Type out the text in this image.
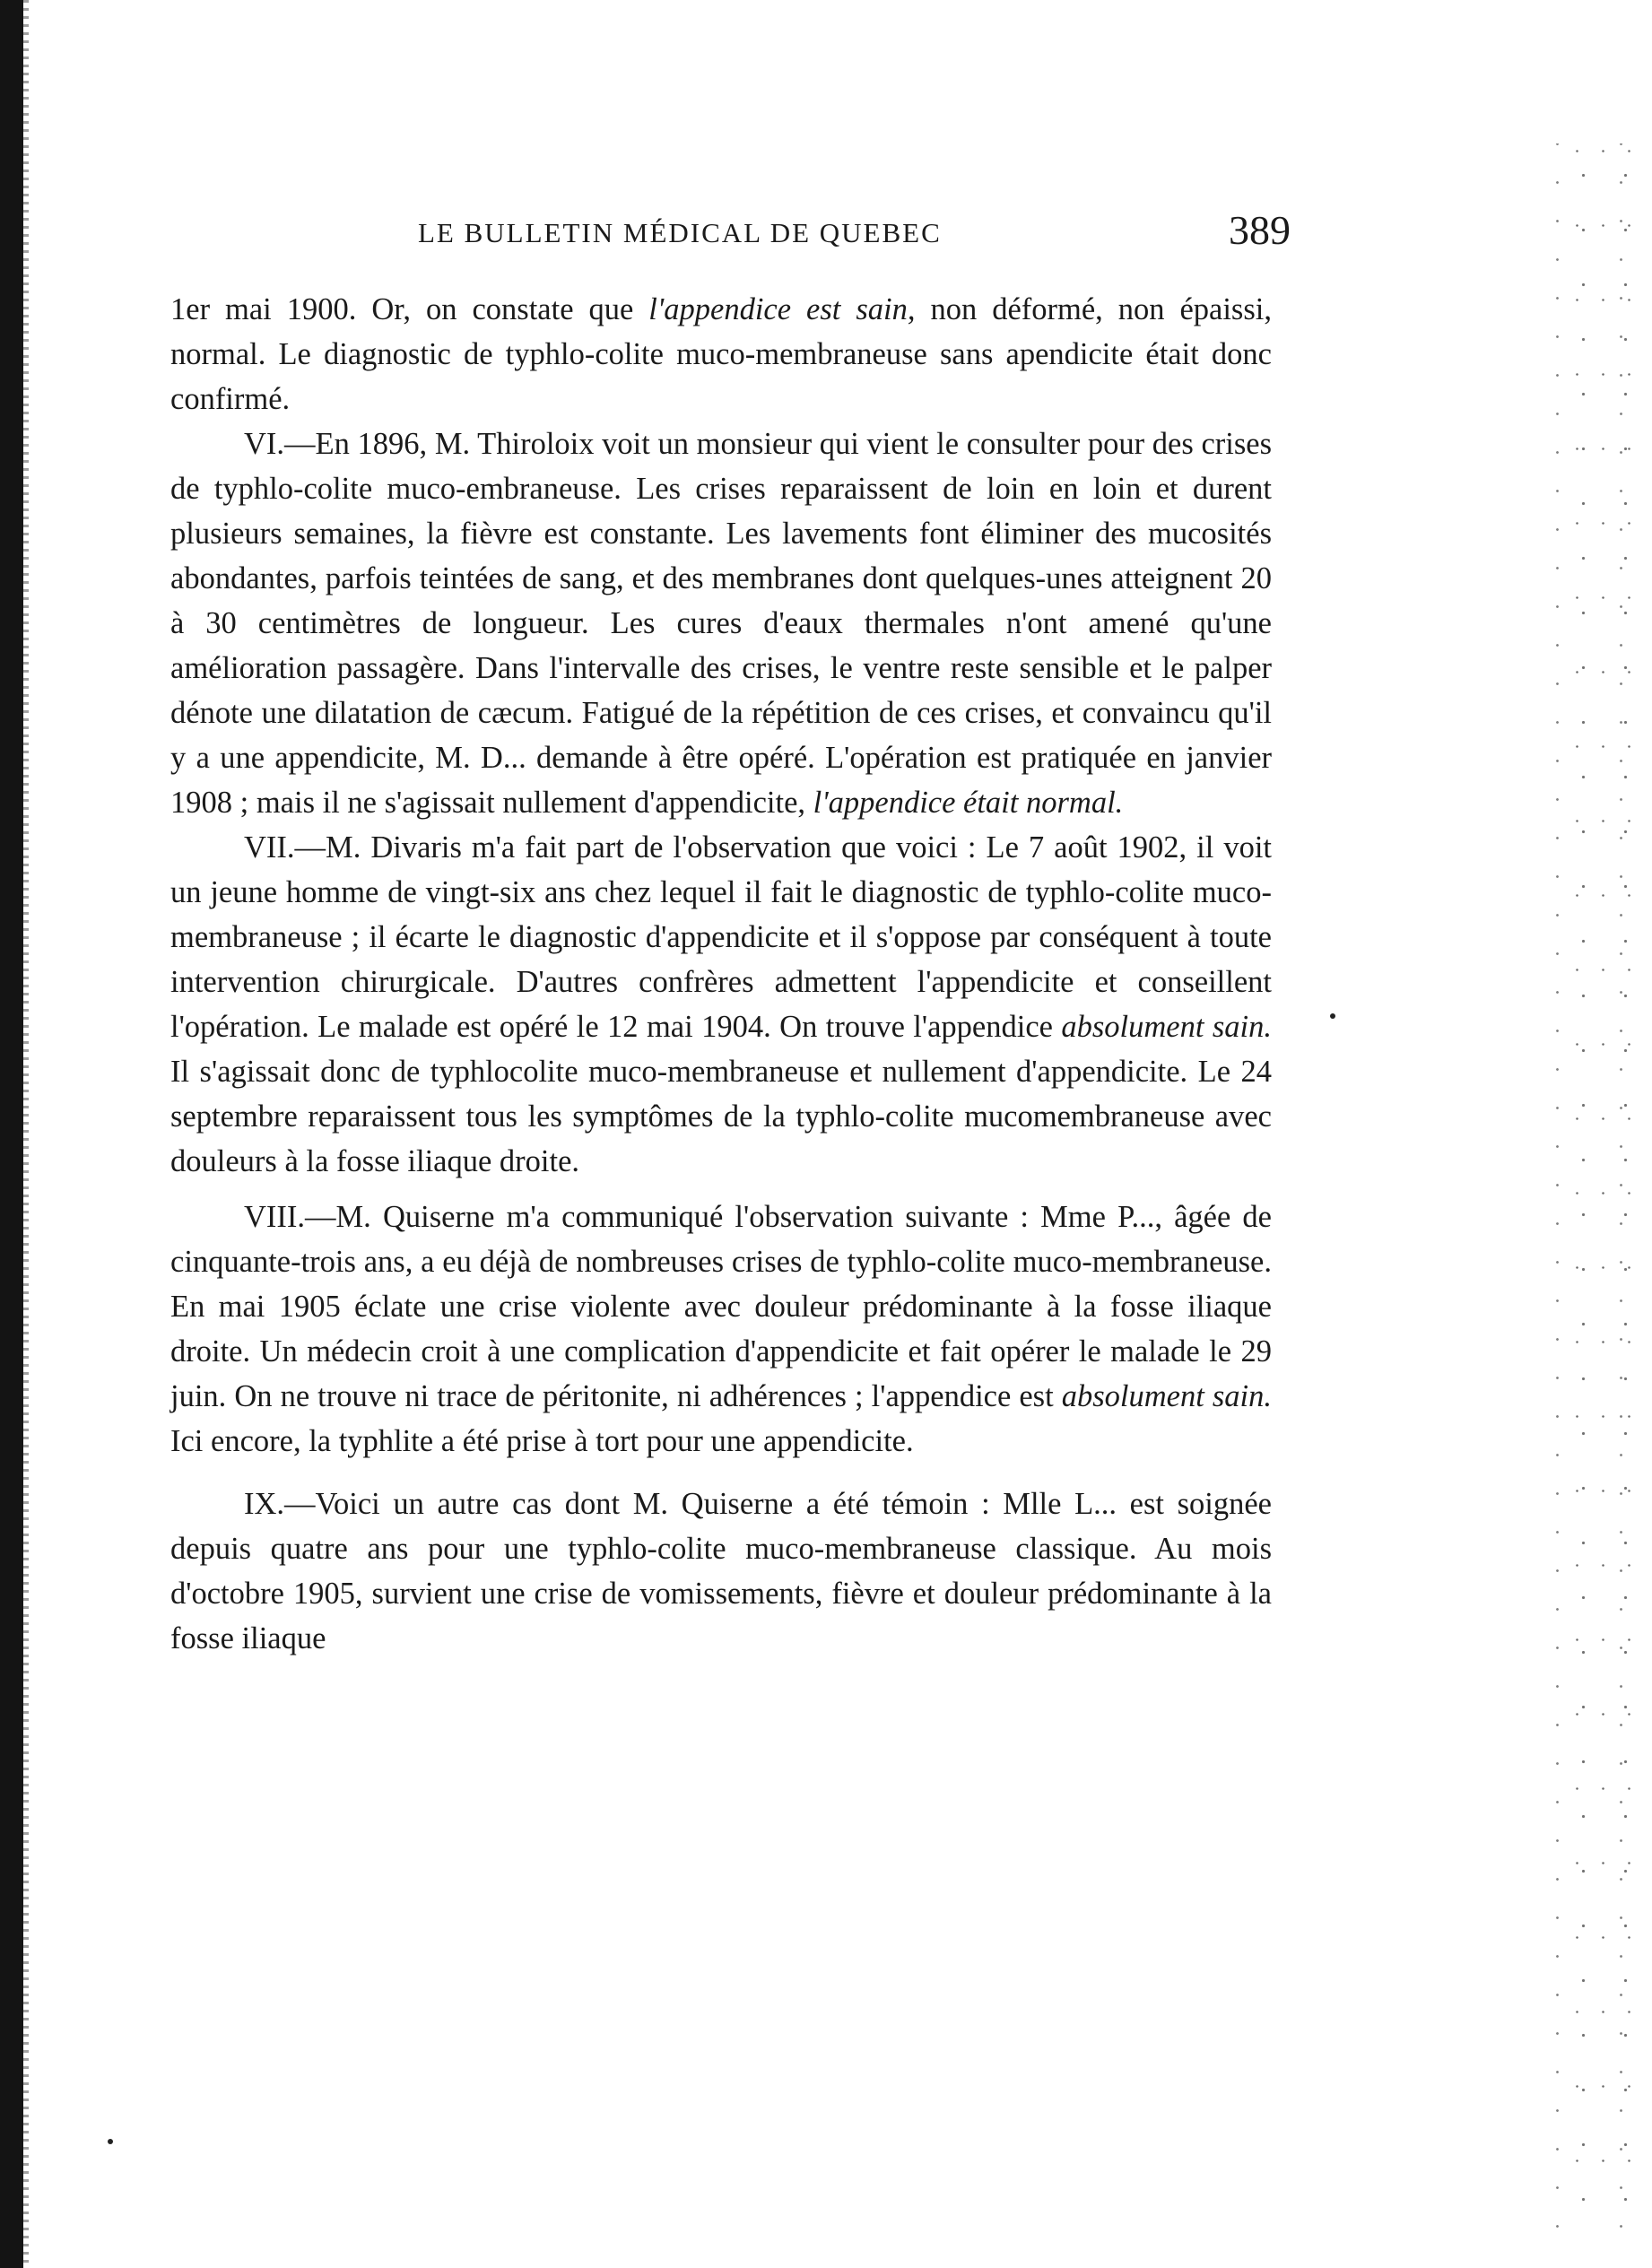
LE BULLETIN MÉDICAL DE QUEBEC	389

1er mai 1900. Or, on constate que l'appendice est sain, non déformé, non épaissi, normal. Le diagnostic de typhlo-colite muco-membraneuse sans apendicite était donc confirmé.

VI.—En 1896, M. Thiroloix voit un monsieur qui vient le consulter pour des crises de typhlo-colite muco-embraneuse. Les crises reparaissent de loin en loin et durent plusieurs semaines, la fièvre est constante. Les lavements font éliminer des mucosités abondantes, parfois teintées de sang, et des membranes dont quelques-unes atteignent 20 à 30 centimètres de longueur. Les cures d'eaux thermales n'ont amené qu'une amélioration passagère. Dans l'intervalle des crises, le ventre reste sensible et le palper dénote une dilatation de cæcum. Fatigué de la répétition de ces crises, et convaincu qu'il y a une appendicite, M. D... demande à être opéré. L'opération est pratiquée en janvier 1908 ; mais il ne s'agissait nullement d'appendicite, l'appendice était normal.

VII.—M. Divaris m'a fait part de l'observation que voici : Le 7 août 1902, il voit un jeune homme de vingt-six ans chez lequel il fait le diagnostic de typhlo-colite muco-membraneuse ; il écarte le diagnostic d'appendicite et il s'oppose par conséquent à toute intervention chirurgicale. D'autres confrères admettent l'appendicite et conseillent l'opération. Le malade est opéré le 12 mai 1904. On trouve l'appendice absolument sain. Il s'agissait donc de typhlocolite muco-membraneuse et nullement d'appendicite. Le 24 septembre reparaissent tous les symptômes de la typhlo-colite mucomembraneuse avec douleurs à la fosse iliaque droite.

VIII.—M. Quiserne m'a communiqué l'observation suivante : Mme P..., âgée de cinquante-trois ans, a eu déjà de nombreuses crises de typhlo-colite muco-membraneuse. En mai 1905 éclate une crise violente avec douleur prédominante à la fosse iliaque droite. Un médecin croit à une complication d'appendicite et fait opérer le malade le 29 juin. On ne trouve ni trace de péritonite, ni adhérences ; l'appendice est absolument sain. Ici encore, la typhlite a été prise à tort pour une appendicite.

IX.—Voici un autre cas dont M. Quiserne a été témoin : Mlle L... est soignée depuis quatre ans pour une typhlo-colite muco-membraneuse classique. Au mois d'octobre 1905, survient une crise de vomissements, fièvre et douleur prédominante à la fosse iliaque
